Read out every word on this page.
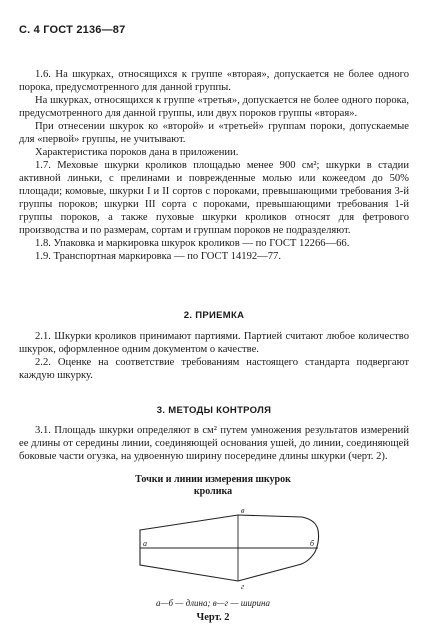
С. 4 ГОСТ 2136—87

1.6. На шкурках, относящихся к группе «вторая», допускается не более одного порока, предусмотренного для данной группы.

На шкурках, относящихся к группе «третья», допускается не более одного порока, предусмотренного для данной группы, или двух пороков группы «вторая».

При отнесении шкурок ко «второй» и «третьей» группам пороки, допускаемые для «первой» группы, не учитывают.

Характеристика пороков дана в приложении.

1.7. Меховые шкурки кроликов площадью менее 900 см²; шкурки в стадии активной линьки, с прелинами и поврежденные молью или кожеедом до 50% площади; комовые, шкурки I и II сортов с пороками, превышающими требования 3-й группы пороков; шкурки III сорта с пороками, превышающими требования 1-й группы пороков, а также пуховые шкурки кроликов относят для фетрового производства и по размерам, сортам и группам пороков не подразделяют.

1.8. Упаковка и маркировка шкурок кроликов — по ГОСТ 12266—66.

1.9. Транспортная маркировка — по ГОСТ 14192—77.

2. ПРИЕМКА

2.1. Шкурки кроликов принимают партиями. Партией считают любое количество шкурок, оформленное одним документом о качестве.

2.2. Оценке на соответствие требованиям настоящего стандарта подвергают каждую шкурку.

3. МЕТОДЫ КОНТРОЛЯ

3.1. Площадь шкурки определяют в см² путем умножения результатов измерений ее длины от середины линии, соединяющей основания ушей, до линии, соединяющей боковые части огузка, на удвоенную ширину посередине длины шкурки (черт. 2).

Точки и линии измерения шкурок
кролика
а	б
в
г
а—б — длина; в—г — ширина
Черт. 2
